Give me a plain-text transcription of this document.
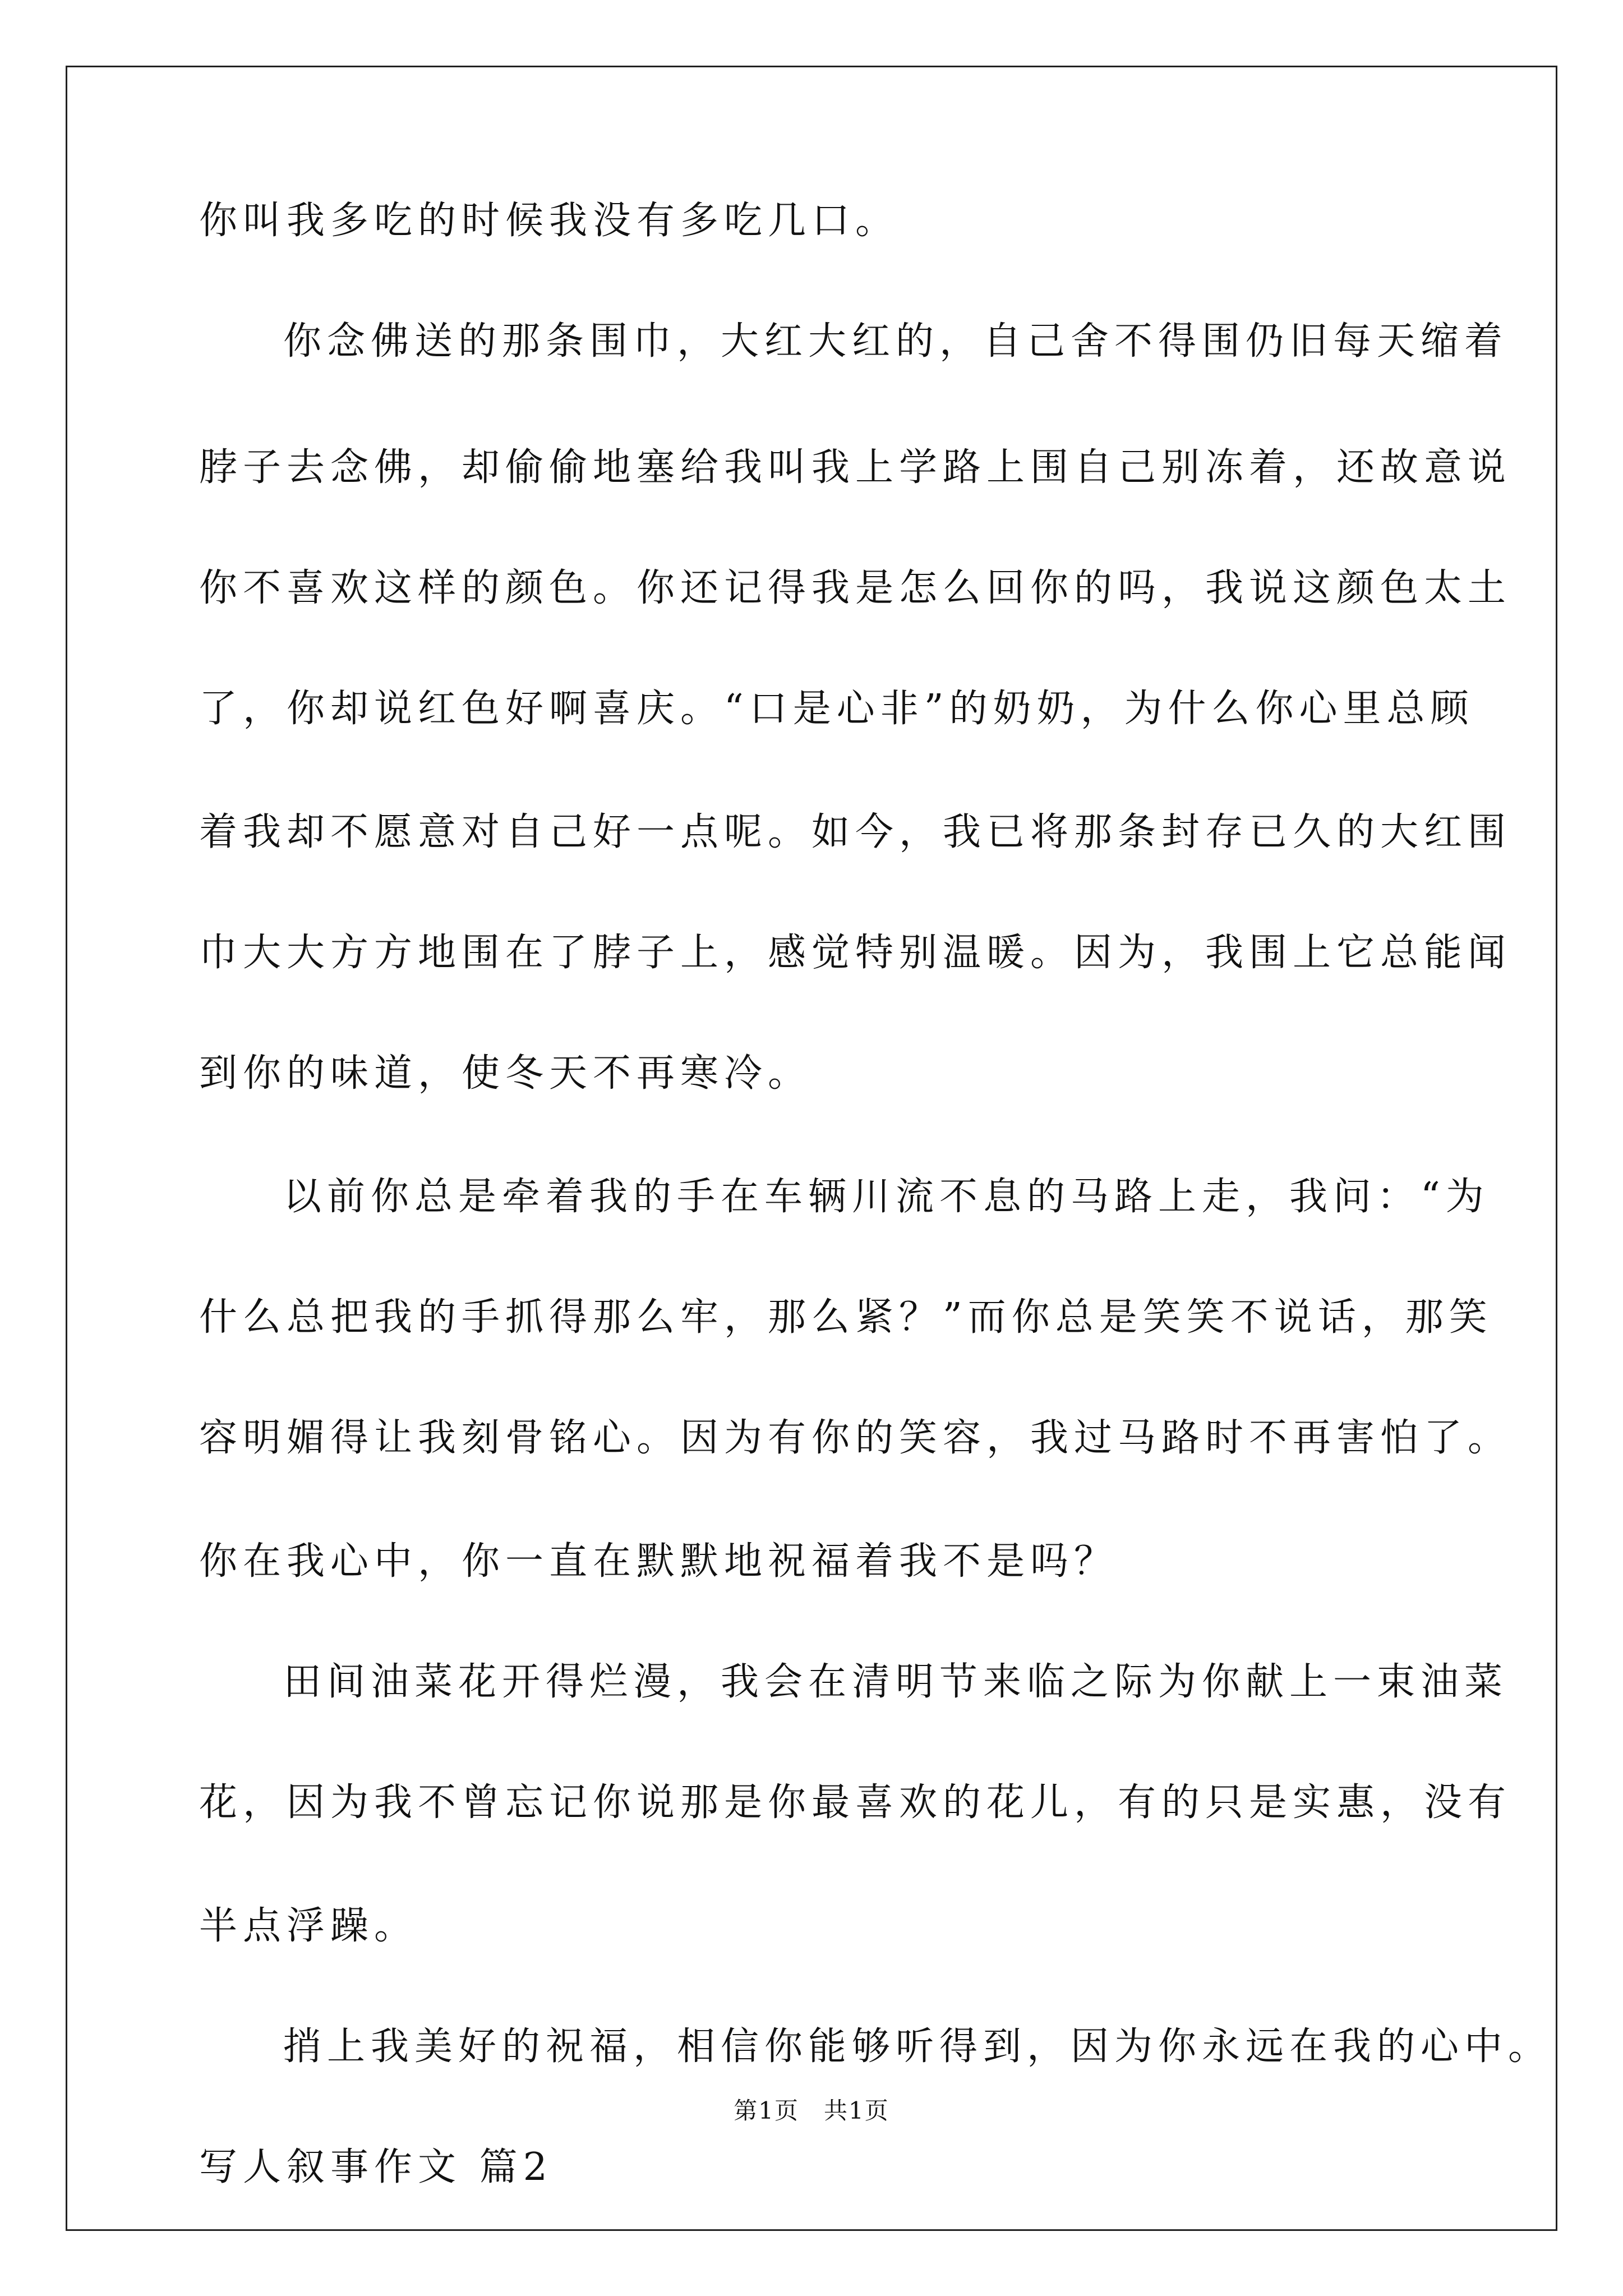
你叫我多吃的时候我没有多吃几口。
你念佛送的那条围巾，大红大红的，自己舍不得围仍旧每天缩着
脖子去念佛，却偷偷地塞给我叫我上学路上围自己别冻着，还故意说
你不喜欢这样的颜色。你还记得我是怎么回你的吗，我说这颜色太土
了，你却说红色好啊喜庆。“口是心非”的奶奶，为什么你心里总顾
着我却不愿意对自己好一点呢。如今，我已将那条封存已久的大红围
巾大大方方地围在了脖子上，感觉特别温暖。因为，我围上它总能闻
到你的味道，使冬天不再寒冷。
以前你总是牵着我的手在车辆川流不息的马路上走，我问：“为
什么总把我的手抓得那么牢，那么紧？”而你总是笑笑不说话，那笑
容明媚得让我刻骨铭心。因为有你的笑容，我过马路时不再害怕了。
你在我心中，你一直在默默地祝福着我不是吗？
田间油菜花开得烂漫，我会在清明节来临之际为你献上一束油菜
花，因为我不曾忘记你说那是你最喜欢的花儿，有的只是实惠，没有
半点浮躁。
捎上我美好的祝福，相信你能够听得到，因为你永远在我的心中。
写人叙事作文 篇2
第1页　共1页
